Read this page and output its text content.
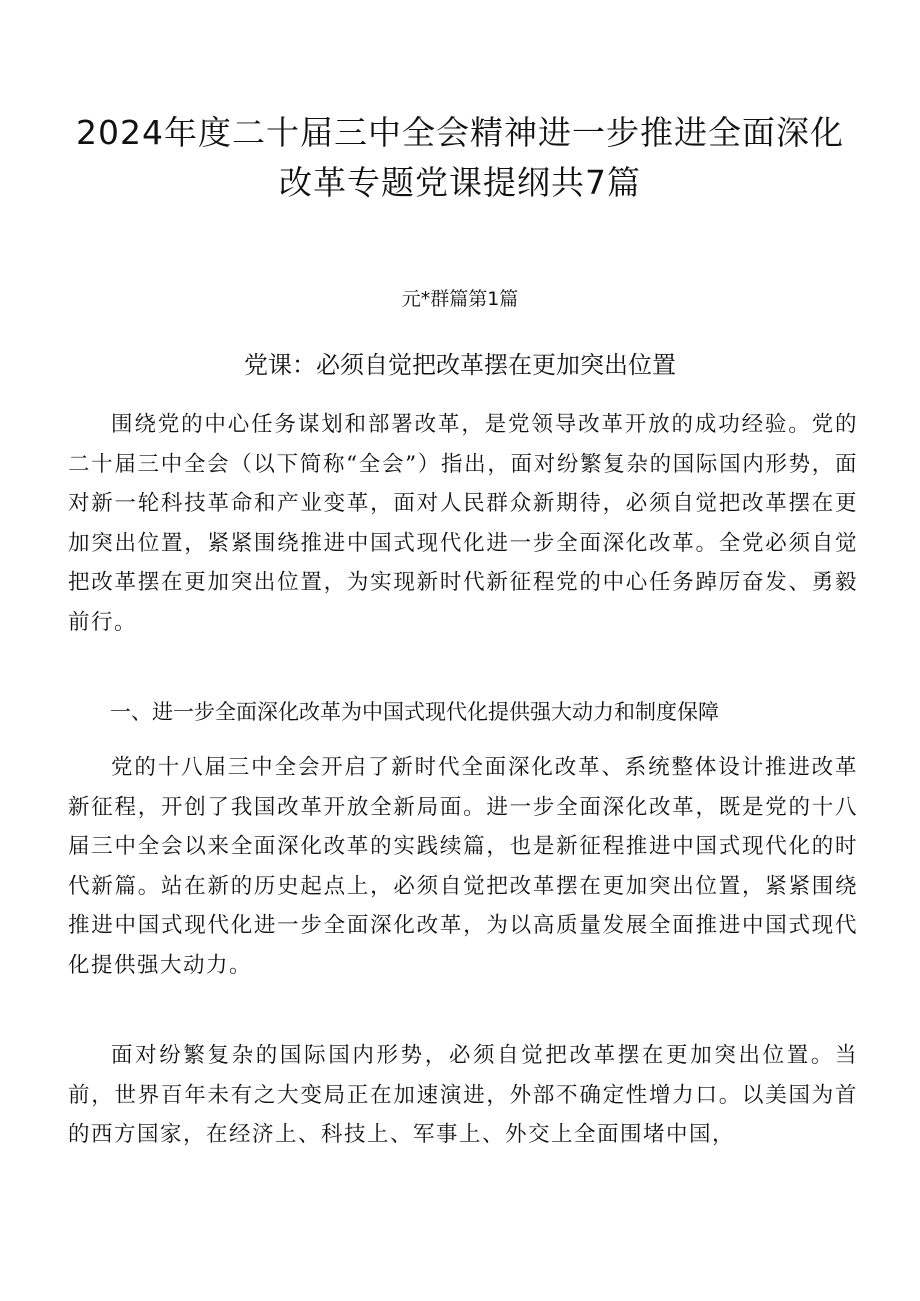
2024年度二十届三中全会精神进一步推进全面深化
改革专题党课提纲共7篇
元*群篇第1篇
党课：必须自觉把改革摆在更加突出位置

围绕党的中心任务谋划和部署改革，是党领导改革开放的成功经验。党的二十届三中全会（以下简称“全会”）指出，面对纷繁复杂的国际国内形势，面对新一轮科技革命和产业变革，面对人民群众新期待，必须自觉把改革摆在更加突出位置，紧紧围绕推进中国式现代化进一步全面深化改革。全党必须自觉把改革摆在更加突出位置，为实现新时代新征程党的中心任务踔厉奋发、勇毅前行。

一、进一步全面深化改革为中国式现代化提供强大动力和制度保障

党的十八届三中全会开启了新时代全面深化改革、系统整体设计推进改革新征程，开创了我国改革开放全新局面。进一步全面深化改革，既是党的十八届三中全会以来全面深化改革的实践续篇，也是新征程推进中国式现代化的时代新篇。站在新的历史起点上，必须自觉把改革摆在更加突出位置，紧紧围绕推进中国式现代化进一步全面深化改革，为以高质量发展全面推进中国式现代化提供强大动力。

面对纷繁复杂的国际国内形势，必须自觉把改革摆在更加突出位置。当前，世界百年未有之大变局正在加速演进，外部不确定性增力口。以美国为首的西方国家，在经济上、科技上、军事上、外交上全面围堵中国，
